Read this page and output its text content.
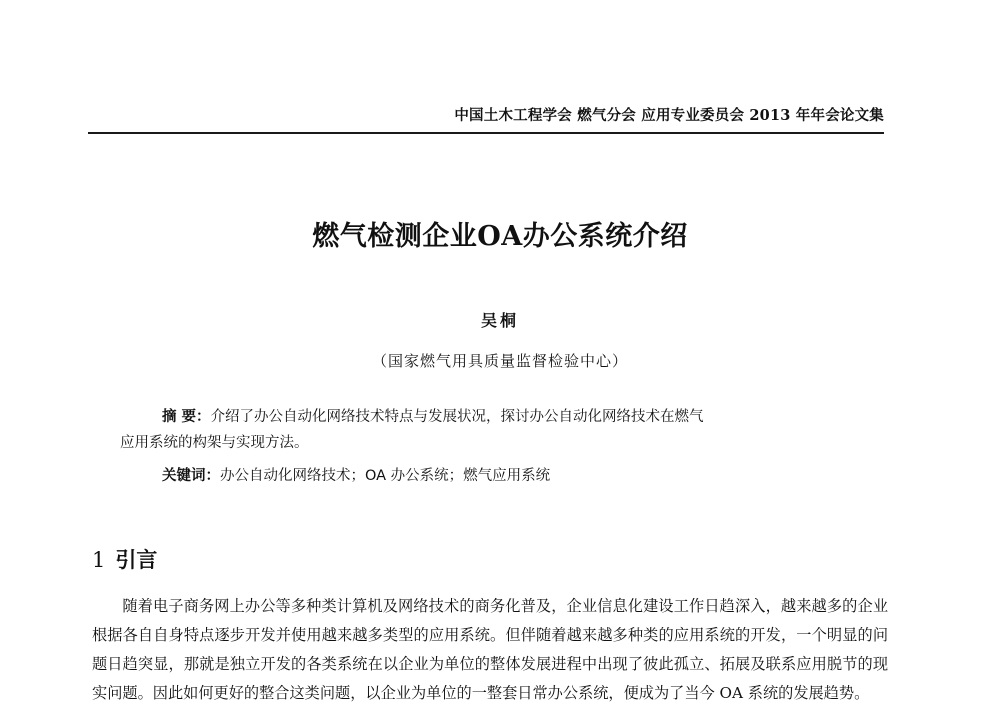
中国土木工程学会 燃气分会 应用专业委员会 2013 年年会论文集
燃气检测企业OA办公系统介绍
吴桐
（国家燃气用具质量监督检验中心）
摘 要：介绍了办公自动化网络技术特点与发展状况，探讨办公自动化网络技术在燃气
应用系统的构架与实现方法。
关键词：办公自动化网络技术；OA 办公系统；燃气应用系统
1 引言
随着电子商务网上办公等多种类计算机及网络技术的商务化普及，企业信息化建设工作日趋深入，越来越多的企业根据各自自身特点逐步开发并使用越来越多类型的应用系统。但伴随着越来越多种类的应用系统的开发，一个明显的问题日趋突显，那就是独立开发的各类系统在以企业为单位的整体发展进程中出现了彼此孤立、拓展及联系应用脱节的现实问题。因此如何更好的整合这类问题，以企业为单位的一整套日常办公系统，便成为了当今 OA 系统的发展趋势。
